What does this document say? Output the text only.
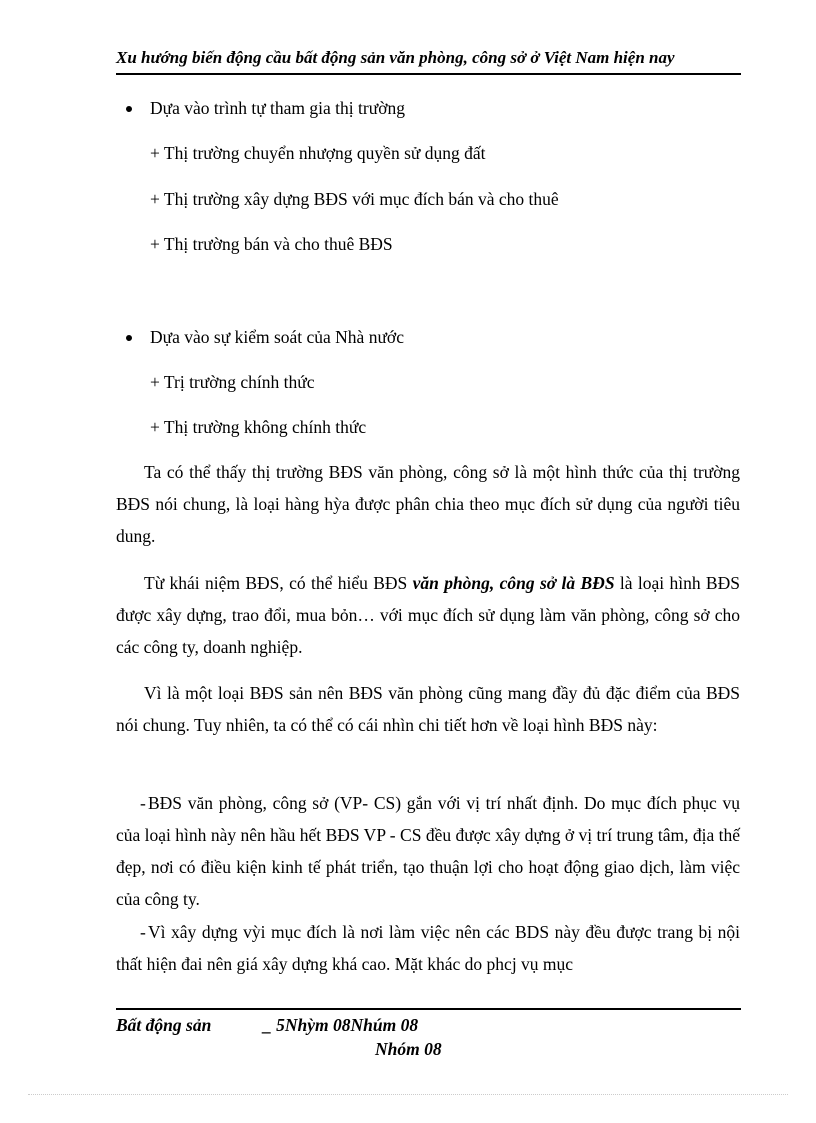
Xu hướng biến động cầu bất động sản văn phòng, công sở ở Việt Nam hiện nay
Dựa vào trình tự tham gia thị trường
+ Thị trường chuyển nhượng quyền sử dụng đất
+ Thị trường xây dựng BĐS với mục đích bán và cho thuê
+ Thị trường bán và cho thuê BĐS
Dựa vào sự kiểm soát của Nhà nước
+ Trị trường chính thức
+ Thị trường không chính thức
Ta có thể thấy thị trường BĐS văn phòng, công sở là một hình thức của thị trường BĐS nói chung, là loại hàng hỳa được phân chia theo mục đích sử dụng của người tiêu dung.
Từ khái niệm BĐS, có thể hiểu BĐS văn phòng, công sở là BĐS là loại hình BĐS được xây dựng, trao đổi, mua bỏn… với mục đích sử dụng làm văn phòng, công sở cho các công ty, doanh nghiệp.
Vì là một loại BĐS sản nên BĐS văn phòng cũng mang đầy đủ đặc điểm của BĐS nói chung. Tuy nhiên, ta có thể có cái nhìn chi tiết hơn về loại hình BĐS này:
- BĐS văn phòng, công sở (VP- CS) gắn với vị trí nhất định. Do mục đích phục vụ của loại hình này nên hầu hết BĐS VP - CS đều được xây dựng ở vị trí trung tâm, địa thế đẹp, nơi có điều kiện kinh tế phát triển, tạo thuận lợi cho hoạt động giao dịch, làm việc của công ty.
- Vì xây dựng vỳi mục đích là nơi làm việc nên các BDS này đều được trang bị nội thất hiện đai nên giá xây dựng khá cao. Mặt khác do phcj vụ mục
Bất động sản	_ 5Nhỳm 08Nhúm 08
Nhóm 08
